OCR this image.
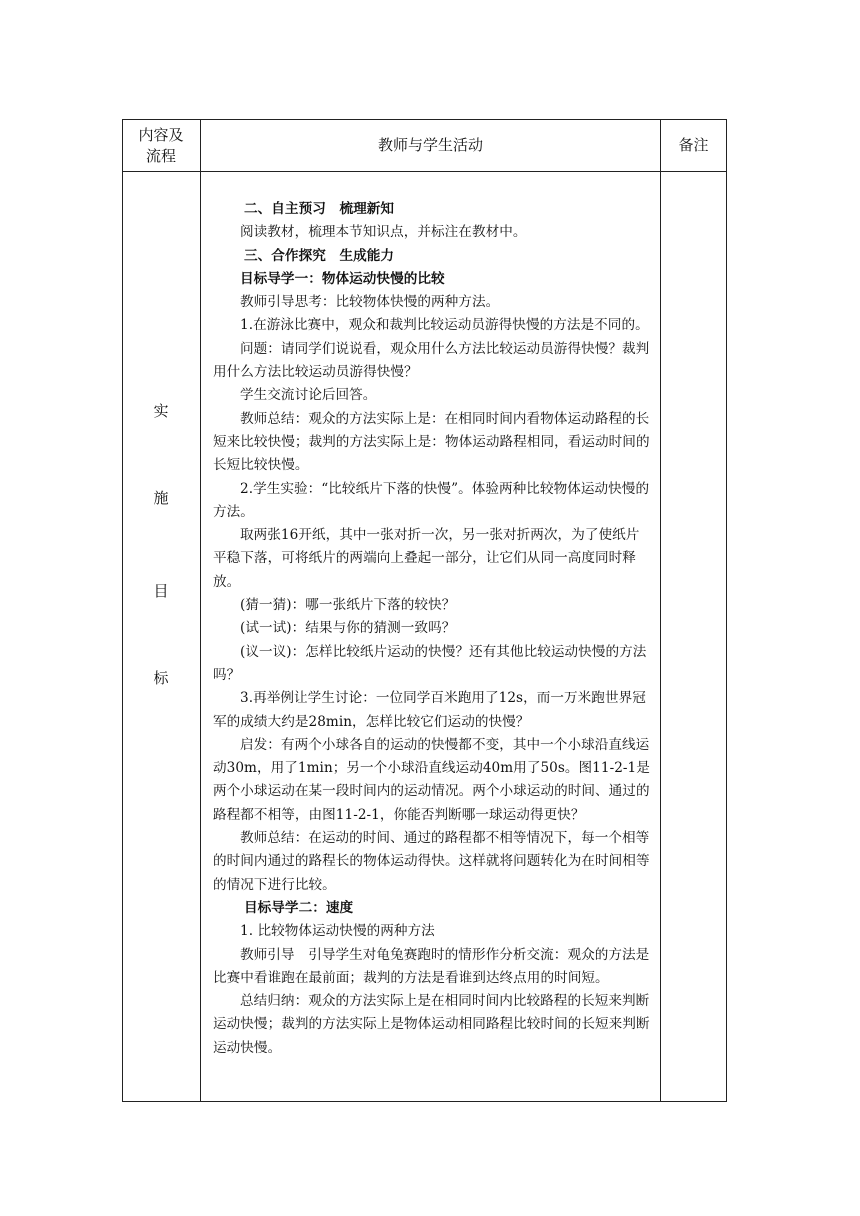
内容及
流程
教师与学生活动	备注
实
施
目
标

二、自主预习　梳理新知

阅读教材，梳理本节知识点，并标注在教材中。

三、合作探究　生成能力

目标导学一：物体运动快慢的比较

教师引导思考：比较物体快慢的两种方法。

1.在游泳比赛中，观众和裁判比较运动员游得快慢的方法是不同的。

问题：请同学们说说看，观众用什么方法比较运动员游得快慢？裁判用什么方法比较运动员游得快慢？

学生交流讨论后回答。

教师总结：观众的方法实际上是：在相同时间内看物体运动路程的长短来比较快慢；裁判的方法实际上是：物体运动路程相同，看运动时间的长短比较快慢。

2.学生实验：“比较纸片下落的快慢”。体验两种比较物体运动快慢的方法。

取两张16开纸，其中一张对折一次，另一张对折两次，为了使纸片平稳下落，可将纸片的两端向上叠起一部分，让它们从同一高度同时释放。

(猜一猜)：哪一张纸片下落的较快？

(试一试)：结果与你的猜测一致吗？

(议一议)：怎样比较纸片运动的快慢？还有其他比较运动快慢的方法吗？

3.再举例让学生讨论：一位同学百米跑用了12s，而一万米跑世界冠军的成绩大约是28min，怎样比较它们运动的快慢？

启发：有两个小球各自的运动的快慢都不变，其中一个小球沿直线运动30m，用了1min；另一个小球沿直线运动40m用了50s。图11-2-1是两个小球运动在某一段时间内的运动情况。两个小球运动的时间、通过的路程都不相等，由图11-2-1，你能否判断哪一球运动得更快？

教师总结：在运动的时间、通过的路程都不相等情况下，每一个相等的时间内通过的路程长的物体运动得快。这样就将问题转化为在时间相等的情况下进行比较。

目标导学二：速度

1. 比较物体运动快慢的两种方法

教师引导　引导学生对龟兔赛跑时的情形作分析交流：观众的方法是比赛中看谁跑在最前面；裁判的方法是看谁到达终点用的时间短。

总结归纳：观众的方法实际上是在相同时间内比较路程的长短来判断运动快慢；裁判的方法实际上是物体运动相同路程比较时间的长短来判断运动快慢。
